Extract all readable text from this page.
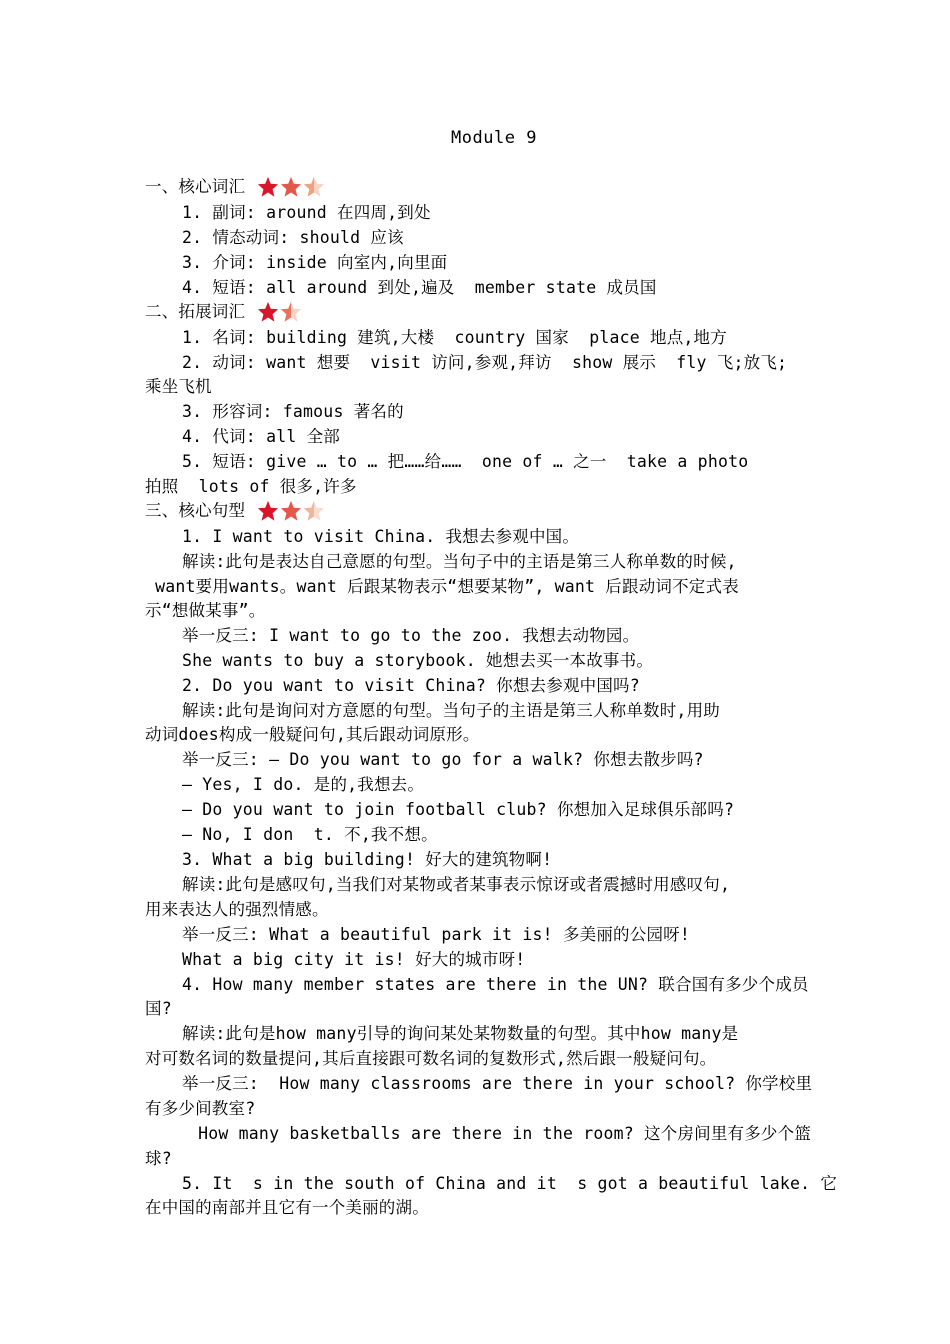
Module 9
一、核心词汇
1. 副词: around 在四周,到处
2. 情态动词: should 应该
3. 介词: inside 向室内,向里面
4. 短语: all around 到处,遍及  member state 成员国
二、拓展词汇
1. 名词: building 建筑,大楼  country 国家  place 地点,地方
2. 动词: want 想要  visit 访问,参观,拜访  show 展示  fly 飞;放飞;
乘坐飞机
3. 形容词: famous 著名的
4. 代词: all 全部
5. 短语: give … to … 把……给……  one of … 之一  take a photo
拍照  lots of 很多,许多
三、核心句型
1. I want to visit China. 我想去参观中国。
解读:此句是表达自己意愿的句型。当句子中的主语是第三人称单数的时候,
want要用wants。want 后跟某物表示“想要某物”, want 后跟动词不定式表
示“想做某事”。
举一反三: I want to go to the zoo. 我想去动物园。
She wants to buy a storybook. 她想去买一本故事书。
2. Do you want to visit China? 你想去参观中国吗?
解读:此句是询问对方意愿的句型。当句子的主语是第三人称单数时,用助
动词does构成一般疑问句,其后跟动词原形。
举一反三: — Do you want to go for a walk? 你想去散步吗?
— Yes, I do. 是的,我想去。
— Do you want to join football club? 你想加入足球俱乐部吗?
— No, I don  t. 不,我不想。
3. What a big building! 好大的建筑物啊!
解读:此句是感叹句,当我们对某物或者某事表示惊讶或者震撼时用感叹句,
用来表达人的强烈情感。
举一反三: What a beautiful park it is! 多美丽的公园呀!
What a big city it is! 好大的城市呀!
4. How many member states are there in the UN? 联合国有多少个成员
国?
解读:此句是how many引导的询问某处某物数量的句型。其中how many是
对可数名词的数量提问,其后直接跟可数名词的复数形式,然后跟一般疑问句。
举一反三:  How many classrooms are there in your school? 你学校里
有多少间教室?
How many basketballs are there in the room? 这个房间里有多少个篮
球?
5. It  s in the south of China and it  s got a beautiful lake. 它
在中国的南部并且它有一个美丽的湖。
